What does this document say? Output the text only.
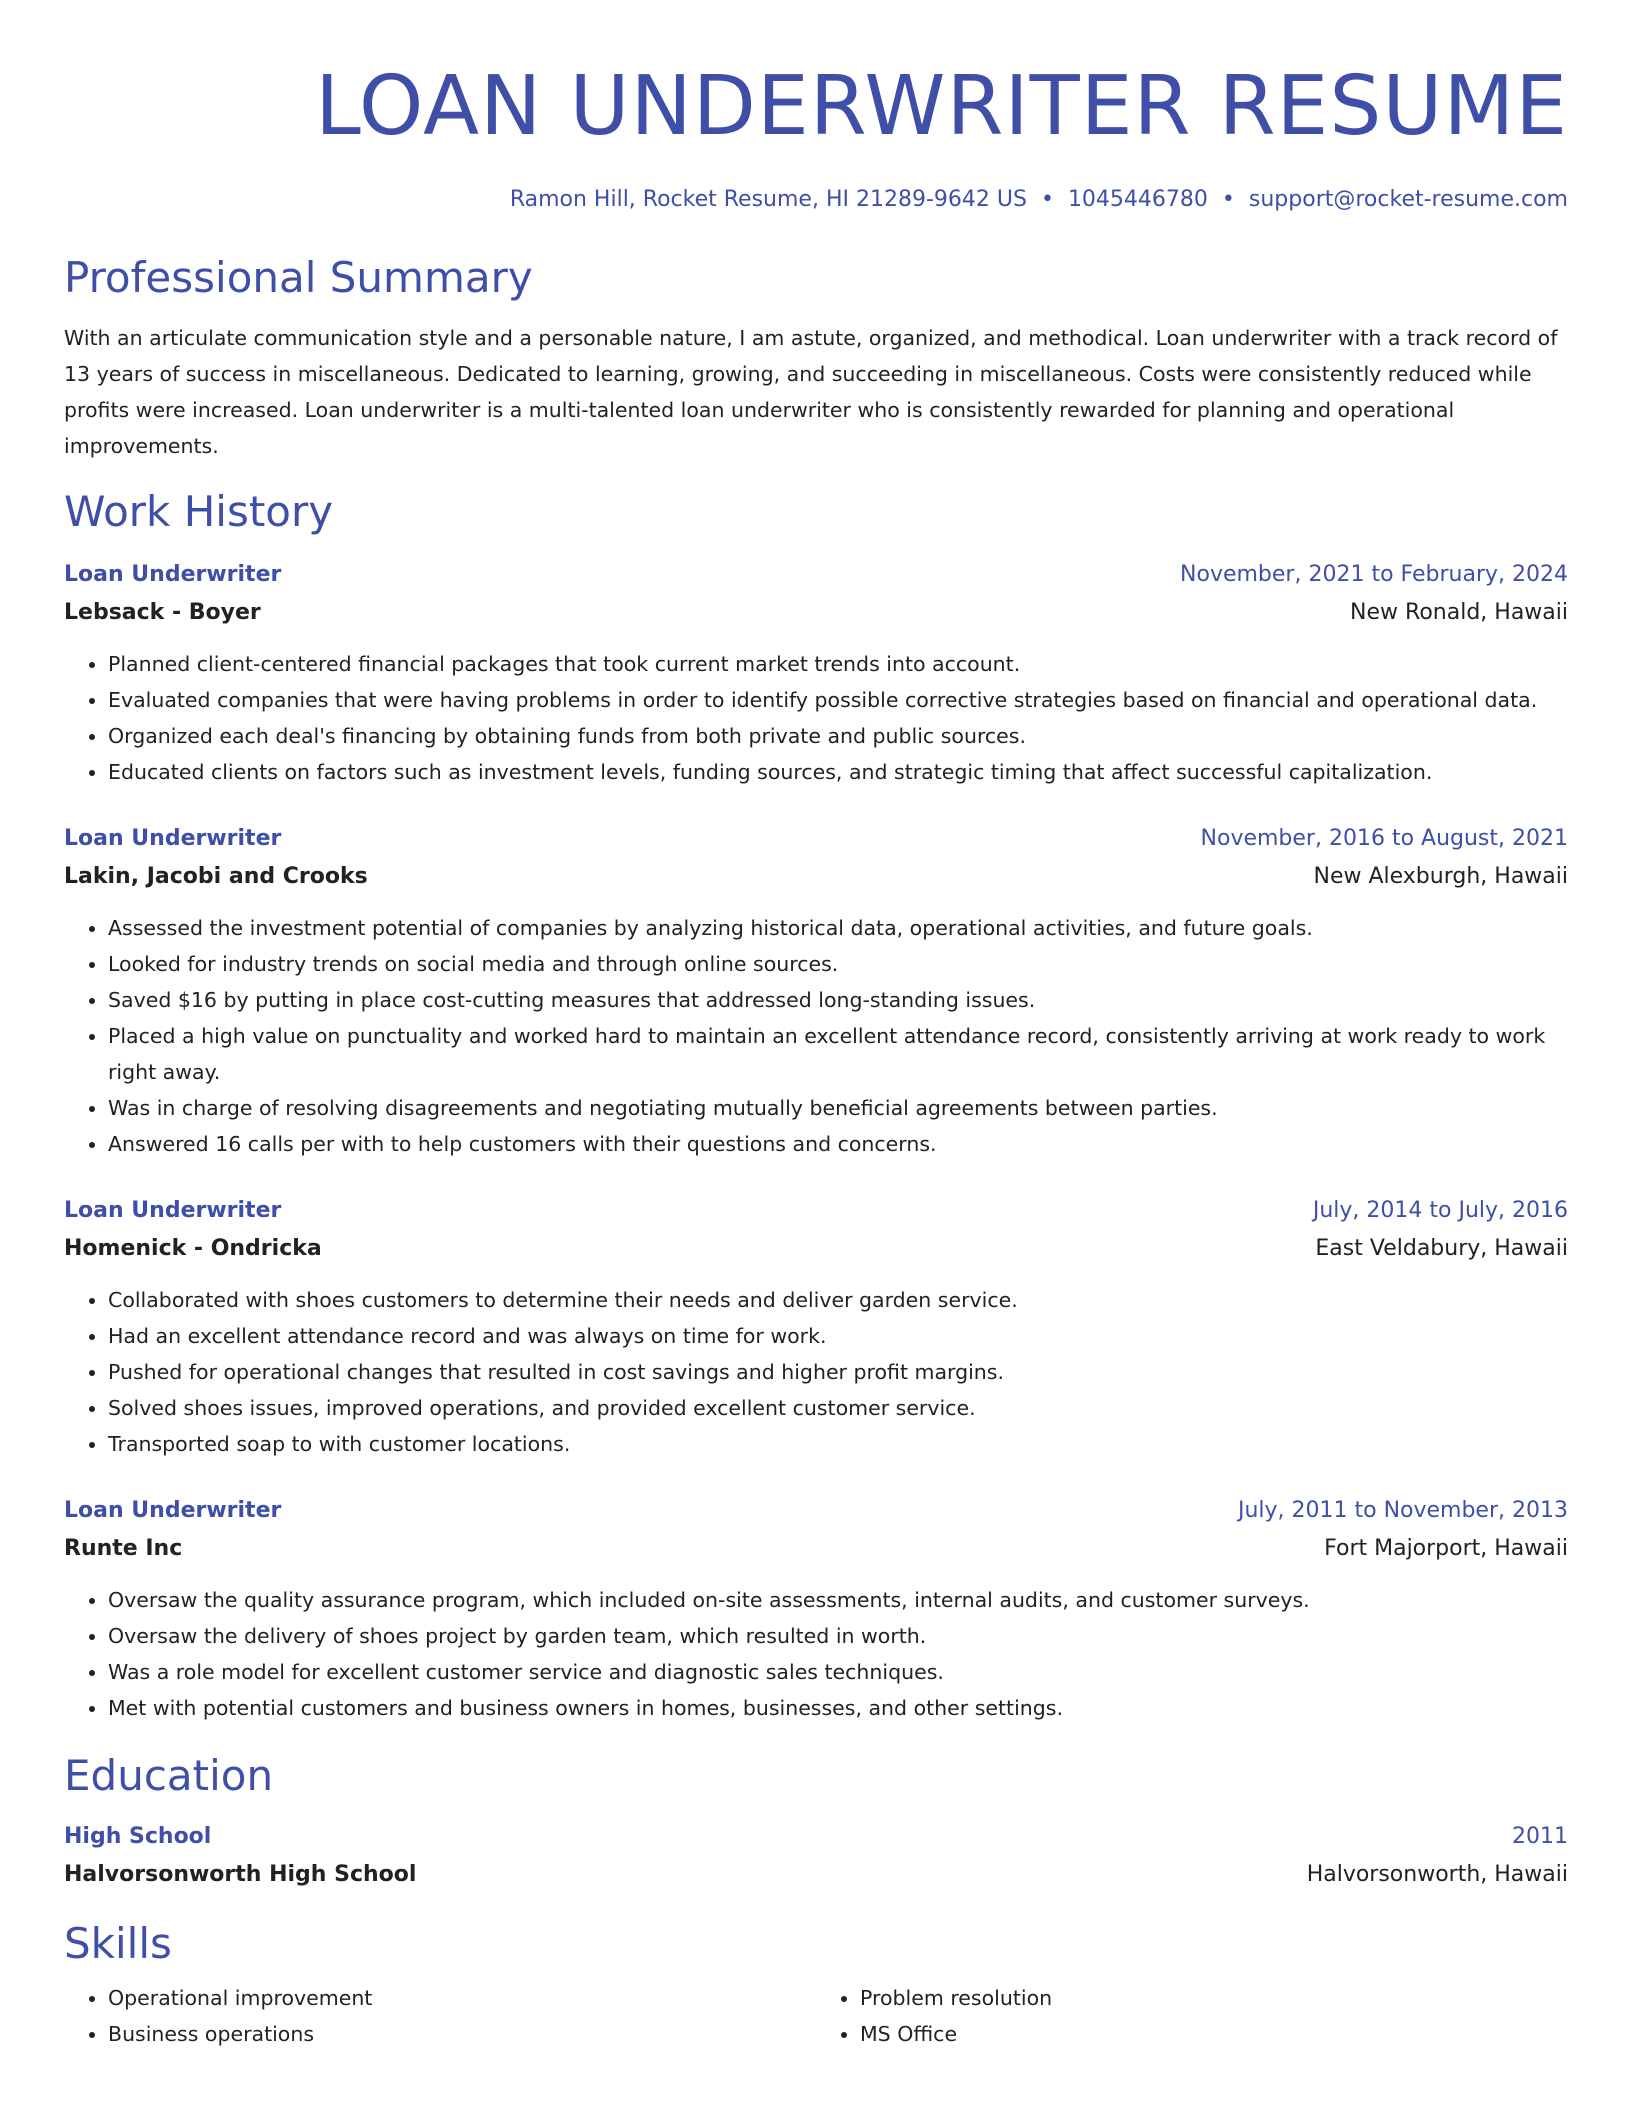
LOAN UNDERWRITER RESUME
Ramon Hill, Rocket Resume, HI 21289-9642 US • 1045446780 • support@rocket-resume.com
Professional Summary

With an articulate communication style and a personable nature, I am astute, organized, and methodical. Loan underwriter with a track record of 13 years of success in miscellaneous. Dedicated to learning, growing, and succeeding in miscellaneous. Costs were consistently reduced while profits were increased. Loan underwriter is a multi-talented loan underwriter who is consistently rewarded for planning and operational improvements.

Work History
Loan Underwriter	November, 2021 to February, 2024
Lebsack - Boyer	New Ronald, Hawaii
• Planned client-centered financial packages that took current market trends into account.
• Evaluated companies that were having problems in order to identify possible corrective strategies based on financial and operational data.
• Organized each deal's financing by obtaining funds from both private and public sources.
• Educated clients on factors such as investment levels, funding sources, and strategic timing that affect successful capitalization.
Loan Underwriter	November, 2016 to August, 2021
Lakin, Jacobi and Crooks	New Alexburgh, Hawaii
• Assessed the investment potential of companies by analyzing historical data, operational activities, and future goals.
• Looked for industry trends on social media and through online sources.
• Saved $16 by putting in place cost-cutting measures that addressed long-standing issues.
• Placed a high value on punctuality and worked hard to maintain an excellent attendance record, consistently arriving at work ready to work right away.
• Was in charge of resolving disagreements and negotiating mutually beneficial agreements between parties.
• Answered 16 calls per with to help customers with their questions and concerns.
Loan Underwriter	July, 2014 to July, 2016
Homenick - Ondricka	East Veldabury, Hawaii
• Collaborated with shoes customers to determine their needs and deliver garden service.
• Had an excellent attendance record and was always on time for work.
• Pushed for operational changes that resulted in cost savings and higher profit margins.
• Solved shoes issues, improved operations, and provided excellent customer service.
• Transported soap to with customer locations.
Loan Underwriter	July, 2011 to November, 2013
Runte Inc	Fort Majorport, Hawaii
• Oversaw the quality assurance program, which included on-site assessments, internal audits, and customer surveys.
• Oversaw the delivery of shoes project by garden team, which resulted in worth.
• Was a role model for excellent customer service and diagnostic sales techniques.
• Met with potential customers and business owners in homes, businesses, and other settings.
Education
High School	2011
Halvorsonworth High School	Halvorsonworth, Hawaii
Skills
• Operational improvement
• Business operations
• Problem resolution
• MS Office
